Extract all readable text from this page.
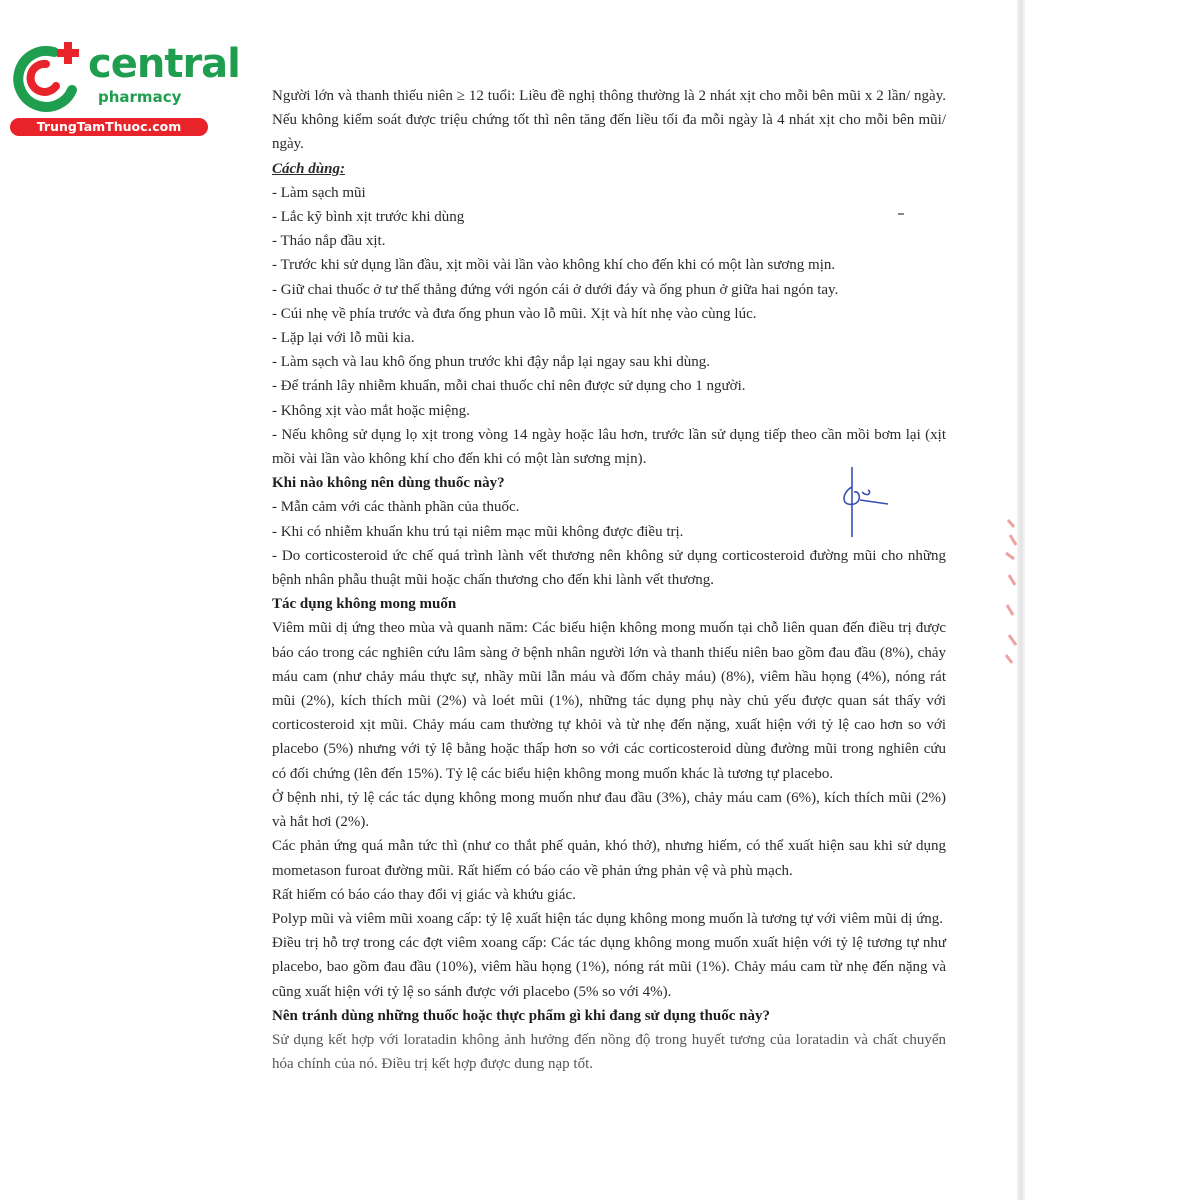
central
pharmacy
TrungTamThuoc.com

Người lớn và thanh thiếu niên ≥ 12 tuổi: Liều đề nghị thông thường là 2 nhát xịt cho mỗi bên mũi x 2 lần/ ngày. Nếu không kiểm soát được triệu chứng tốt thì nên tăng đến liều tối đa mỗi ngày là 4 nhát xịt cho mỗi bên mũi/ ngày.

Cách dùng:

- Làm sạch mũi

- Lắc kỹ bình xịt trước khi dùng

- Tháo nắp đầu xịt.

- Trước khi sử dụng lần đầu, xịt mồi vài lần vào không khí cho đến khi có một làn sương mịn.

- Giữ chai thuốc ở tư thế thẳng đứng với ngón cái ở dưới đáy và ống phun ở giữa hai ngón tay.

- Cúi nhẹ về phía trước và đưa ống phun vào lỗ mũi. Xịt và hít nhẹ vào cùng lúc.

- Lặp lại với lỗ mũi kia.

- Làm sạch và lau khô ống phun trước khi đậy nắp lại ngay sau khi dùng.

- Để tránh lây nhiễm khuẩn, mỗi chai thuốc chỉ nên được sử dụng cho 1 người.

- Không xịt vào mắt hoặc miệng.

- Nếu không sử dụng lọ xịt trong vòng 14 ngày hoặc lâu hơn, trước lần sử dụng tiếp theo cần mồi bơm lại (xịt mồi vài lần vào không khí cho đến khi có một làn sương mịn).

Khi nào không nên dùng thuốc này?

- Mẫn cảm với các thành phần của thuốc.

- Khi có nhiễm khuẩn khu trú tại niêm mạc mũi không được điều trị.

- Do corticosteroid ức chế quá trình lành vết thương nên không sử dụng corticosteroid đường mũi cho những bệnh nhân phẫu thuật mũi hoặc chấn thương cho đến khi lành vết thương.

Tác dụng không mong muốn

Viêm mũi dị ứng theo mùa và quanh năm: Các biểu hiện không mong muốn tại chỗ liên quan đến điều trị được báo cáo trong các nghiên cứu lâm sàng ở bệnh nhân người lớn và thanh thiếu niên bao gồm đau đầu (8%), chảy máu cam (như chảy máu thực sự, nhầy mũi lẫn máu và đốm chảy máu) (8%), viêm hầu họng (4%), nóng rát mũi (2%), kích thích mũi (2%) và loét mũi (1%), những tác dụng phụ này chủ yếu được quan sát thấy với corticosteroid xịt mũi. Chảy máu cam thường tự khỏi và từ nhẹ đến nặng, xuất hiện với tỷ lệ cao hơn so với placebo (5%) nhưng với tỷ lệ bằng hoặc thấp hơn so với các corticosteroid dùng đường mũi trong nghiên cứu có đối chứng (lên đến 15%). Tỷ lệ các biểu hiện không mong muốn khác là tương tự placebo.

Ở bệnh nhi, tỷ lệ các tác dụng không mong muốn như đau đầu (3%), chảy máu cam (6%), kích thích mũi (2%) và hắt hơi (2%).

Các phản ứng quá mẫn tức thì (như co thắt phế quản, khó thở), nhưng hiếm, có thể xuất hiện sau khi sử dụng mometason furoat đường mũi. Rất hiếm có báo cáo về phản ứng phản vệ và phù mạch.

Rất hiếm có báo cáo thay đổi vị giác và khứu giác.

Polyp mũi và viêm mũi xoang cấp: tỷ lệ xuất hiện tác dụng không mong muốn là tương tự với viêm mũi dị ứng.

Điều trị hỗ trợ trong các đợt viêm xoang cấp: Các tác dụng không mong muốn xuất hiện với tỷ lệ tương tự như placebo, bao gồm đau đầu (10%), viêm hầu họng (1%), nóng rát mũi (1%). Chảy máu cam từ nhẹ đến nặng và cũng xuất hiện với tỷ lệ so sánh được với placebo (5% so với 4%).

Nên tránh dùng những thuốc hoặc thực phẩm gì khi đang sử dụng thuốc này?

Sử dụng kết hợp với loratadin không ảnh hưởng đến nồng độ trong huyết tương của loratadin và chất chuyển hóa chính của nó. Điều trị kết hợp được dung nạp tốt.
